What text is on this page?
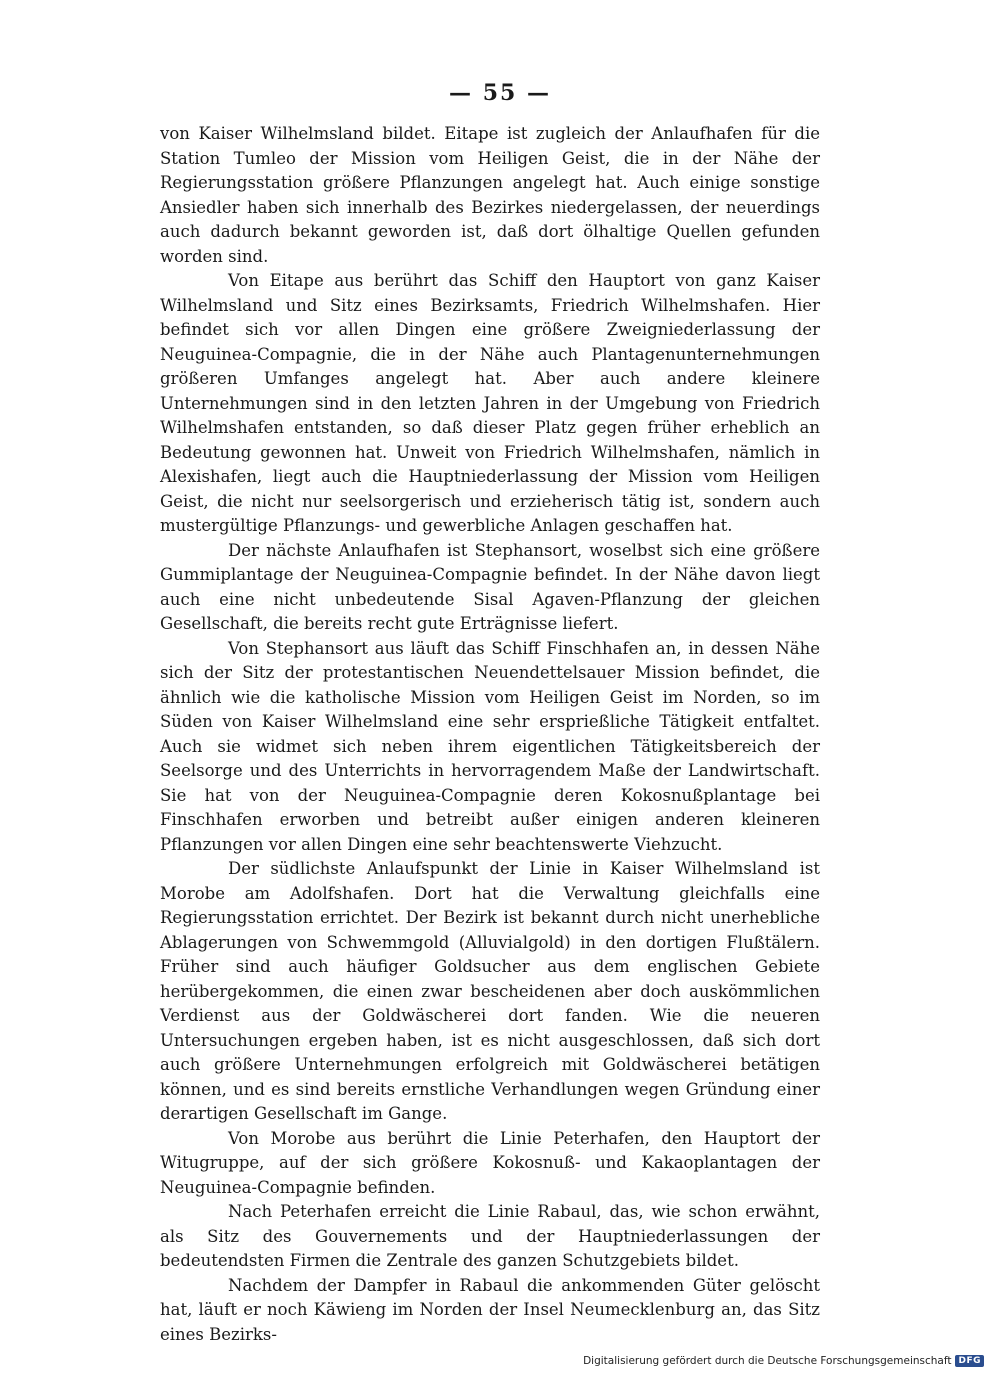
— 55 —

von Kaiser Wilhelmsland bildet. Eitape ist zugleich der Anlaufhafen für die Station Tumleo der Mission vom Heiligen Geist, die in der Nähe der Regierungsstation größere Pflanzungen angelegt hat. Auch einige sonstige Ansiedler haben sich innerhalb des Bezirkes niedergelassen, der neuerdings auch dadurch bekannt geworden ist, daß dort ölhaltige Quellen gefunden worden sind.

Von Eitape aus berührt das Schiff den Hauptort von ganz Kaiser Wilhelmsland und Sitz eines Bezirksamts, Friedrich Wilhelmshafen. Hier befindet sich vor allen Dingen eine größere Zweigniederlassung der Neuguinea-Compagnie, die in der Nähe auch Plantagenunternehmungen größeren Umfanges angelegt hat. Aber auch andere kleinere Unternehmungen sind in den letzten Jahren in der Umgebung von Friedrich Wilhelmshafen entstanden, so daß dieser Platz gegen früher erheblich an Bedeutung gewonnen hat. Unweit von Friedrich Wilhelmshafen, nämlich in Alexishafen, liegt auch die Hauptniederlassung der Mission vom Heiligen Geist, die nicht nur seelsorgerisch und erzieherisch tätig ist, sondern auch mustergültige Pflanzungs- und gewerbliche Anlagen geschaffen hat.

Der nächste Anlaufhafen ist Stephansort, woselbst sich eine größere Gummiplantage der Neuguinea-Compagnie befindet. In der Nähe davon liegt auch eine nicht unbedeutende Sisal Agaven-Pflanzung der gleichen Gesellschaft, die bereits recht gute Erträgnisse liefert.

Von Stephansort aus läuft das Schiff Finschhafen an, in dessen Nähe sich der Sitz der protestantischen Neuendettelsauer Mission befindet, die ähnlich wie die katholische Mission vom Heiligen Geist im Norden, so im Süden von Kaiser Wilhelmsland eine sehr ersprießliche Tätigkeit entfaltet. Auch sie widmet sich neben ihrem eigentlichen Tätigkeitsbereich der Seelsorge und des Unterrichts in hervorragendem Maße der Landwirtschaft. Sie hat von der Neuguinea-Compagnie deren Kokosnußplantage bei Finschhafen erworben und betreibt außer einigen anderen kleineren Pflanzungen vor allen Dingen eine sehr beachtenswerte Viehzucht.

Der südlichste Anlaufspunkt der Linie in Kaiser Wilhelmsland ist Morobe am Adolfshafen. Dort hat die Verwaltung gleichfalls eine Regierungsstation errichtet. Der Bezirk ist bekannt durch nicht unerhebliche Ablagerungen von Schwemmgold (Alluvialgold) in den dortigen Flußtälern. Früher sind auch häufiger Goldsucher aus dem englischen Gebiete herübergekommen, die einen zwar bescheidenen aber doch auskömmlichen Verdienst aus der Goldwäscherei dort fanden. Wie die neueren Untersuchungen ergeben haben, ist es nicht ausgeschlossen, daß sich dort auch größere Unternehmungen erfolgreich mit Goldwäscherei betätigen können, und es sind bereits ernstliche Verhandlungen wegen Gründung einer derartigen Gesellschaft im Gange.

Von Morobe aus berührt die Linie Peterhafen, den Hauptort der Witugruppe, auf der sich größere Kokosnuß- und Kakaoplantagen der Neuguinea-Compagnie befinden.

Nach Peterhafen erreicht die Linie Rabaul, das, wie schon erwähnt, als Sitz des Gouvernements und der Hauptniederlassungen der bedeutendsten Firmen die Zentrale des ganzen Schutzgebiets bildet.

Nachdem der Dampfer in Rabaul die ankommenden Güter gelöscht hat, läuft er noch Käwieng im Norden der Insel Neumecklenburg an, das Sitz eines Bezirks-

Digitalisierung gefördert durch die Deutsche Forschungsgemeinschaft DFG
